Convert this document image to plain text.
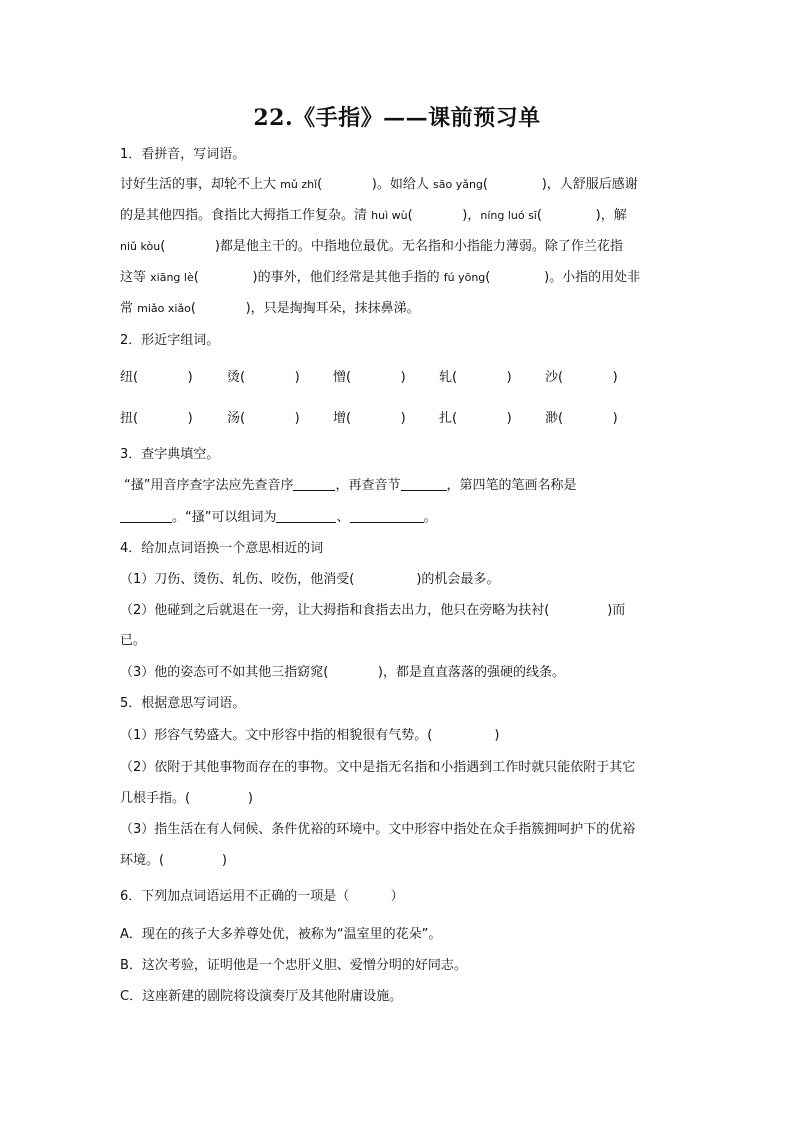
22.《手指》——课前预习单
1．看拼音，写词语。
讨好生活的事，却轮不上大 mǔ zhǐ(            )。如给人 sāo yǎng(             )，人舒服后感谢
的是其他四指。食指比大拇指工作复杂。清 huì wù(            )，níng luó sī(             )，解
niǔ kòu(            )都是他主干的。中指地位最优。无名指和小指能力薄弱。除了作兰花指
这等 xiāng lè(             )的事外，他们经常是其他手指的 fú yōng(             )。小指的用处非
常 miǎo xiǎo(            )，只是掏掏耳朵，抹抹鼻涕。
2．形近字组词。
纽(            )	烫(            )	憎(            )	轧(            )	沙(            )
扭(            )	汤(            )	增(            )	扎(            )	渺(            )
3．查字典填空。
“搔”用音序查字法应先查音序	，再查音节	，第四笔的笔画名称是
。“搔”可以组词为	、	。
4．给加点词语换一个意思相近的词
（1）刀伤、烫伤、轧伤、咬伤，他消受(               )的机会最多。
（2）他碰到之后就退在一旁，让大拇指和食指去出力，他只在旁略为扶衬(              )而
已。
（3）他的姿态可不如其他三指窈窕(            )，都是直直落落的强硬的线条。
5．根据意思写词语。
（1）形容气势盛大。文中形容中指的相貌很有气势。(               )
（2）依附于其他事物而存在的事物。文中是指无名指和小指遇到工作时就只能依附于其它
几根手指。(              )
（3）指生活在有人伺候、条件优裕的环境中。文中形容中指处在众手指簇拥呵护下的优裕
环境。(              )
6．下列加点词语运用不正确的一项是（          ）
A．现在的孩子大多养尊处优，被称为“温室里的花朵”。
B．这次考验，证明他是一个忠肝义胆、爱憎分明的好同志。
C．这座新建的剧院将设演奏厅及其他附庸设施。
